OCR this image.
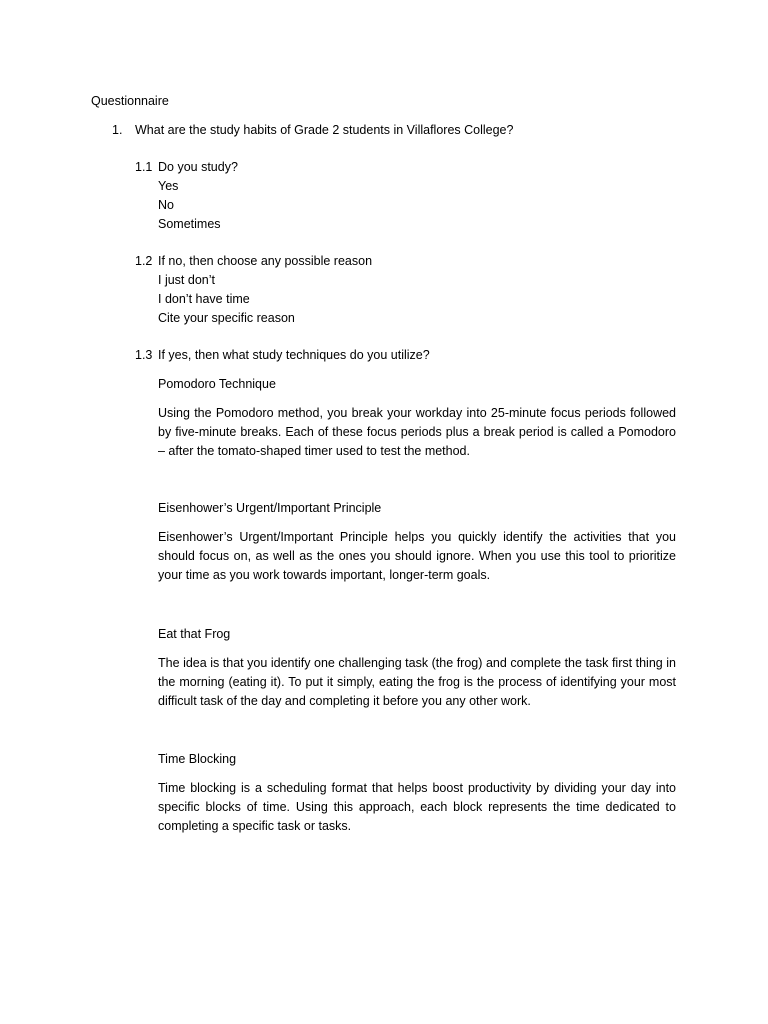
Questionnaire
1. What are the study habits of Grade 2 students in Villaflores College?
1.1 Do you study?
Yes
No
Sometimes
1.2 If no, then choose any possible reason
I just don’t
I don’t have time
Cite your specific reason
1.3 If yes, then what study techniques do you utilize?
Pomodoro Technique
Using the Pomodoro method, you break your workday into 25-minute focus periods followed by five-minute breaks. Each of these focus periods plus a break period is called a Pomodoro – after the tomato-shaped timer used to test the method.
Eisenhower’s Urgent/Important Principle
Eisenhower’s Urgent/Important Principle helps you quickly identify the activities that you should focus on, as well as the ones you should ignore. When you use this tool to prioritize your time as you work towards important, longer-term goals.
Eat that Frog
The idea is that you identify one challenging task (the frog) and complete the task first thing in the morning (eating it). To put it simply, eating the frog is the process of identifying your most difficult task of the day and completing it before you any other work.
Time Blocking
Time blocking is a scheduling format that helps boost productivity by dividing your day into specific blocks of time. Using this approach, each block represents the time dedicated to completing a specific task or tasks.
